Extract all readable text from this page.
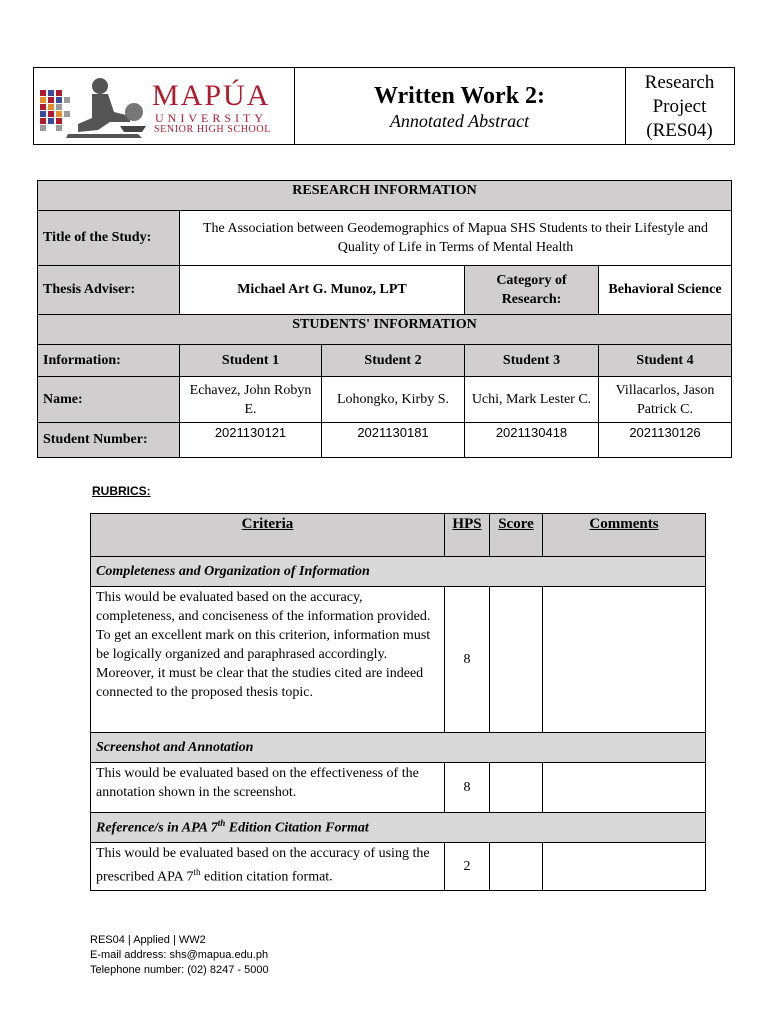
MAPÚA
UNIVERSITY
SENIOR HIGH SCHOOL
Written Work 2:
Annotated Abstract
Research
Project
(RES04)
RESEARCH INFORMATION				
Title of the Study:	The Association between Geodemographics of Mapua SHS Students to their Lifestyle and Quality of Life in Terms of Mental Health			
Thesis Adviser:	Michael Art G. Munoz, LPT		Category of Research:	Behavioral Science
STUDENTS' INFORMATION				
Information:	Student 1	Student 2	Student 3	Student 4
Name:	Echavez, John Robyn E.	Lohongko, Kirby S.	Uchi, Mark Lester C.	Villacarlos, Jason Patrick C.
Student Number:	2021130121	2021130181	2021130418	2021130126
RUBRICS:
Criteria	HPS	Score	Comments
Completeness and Organization of Information			
This would be evaluated based on the accuracy, completeness, and conciseness of the information provided. To get an excellent mark on this criterion, information must be logically organized and paraphrased accordingly. Moreover, it must be clear that the studies cited are indeed connected to the proposed thesis topic.	8		
Screenshot and Annotation			
This would be evaluated based on the effectiveness of the annotation shown in the screenshot.	8		
Reference/s in APA 7th Edition Citation Format			
This would be evaluated based on the accuracy of using the prescribed APA 7th edition citation format.	2		
RES04 | Applied | WW2
E-mail address: shs@mapua.edu.ph
Telephone number: (02) 8247 - 5000
